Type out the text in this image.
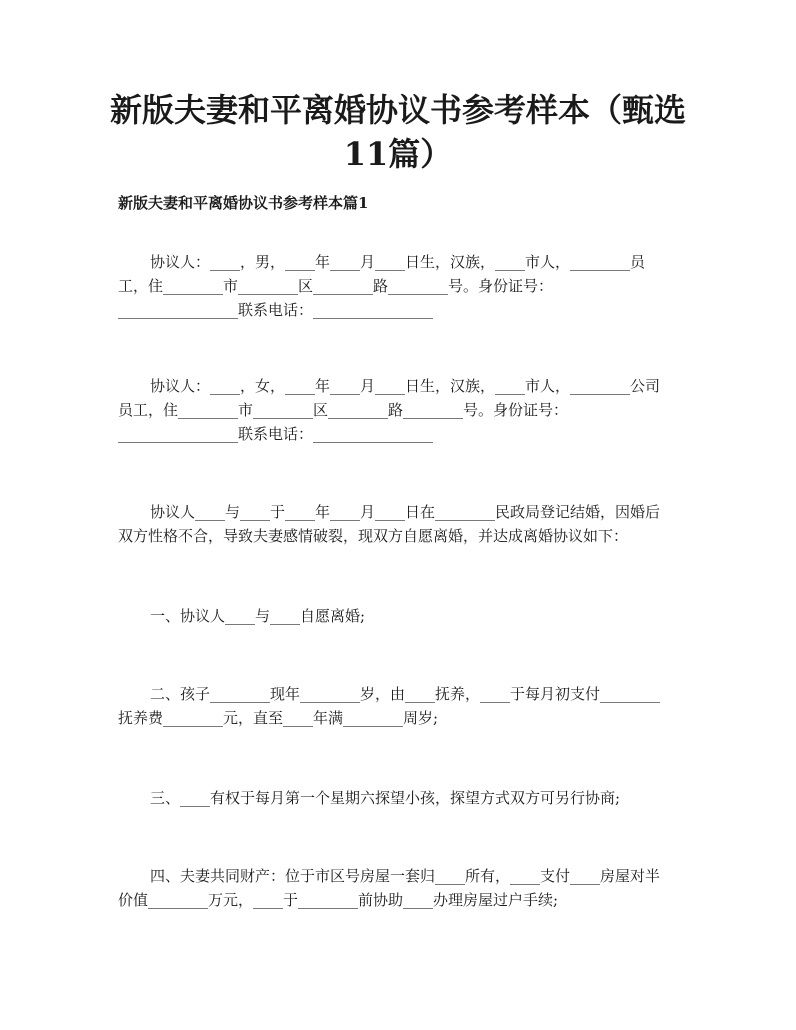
新版夫妻和平离婚协议书参考样本（甄选11篇）
新版夫妻和平离婚协议书参考样本篇1

协议人：____，男，____年____月____日生，汉族，____市人，________员
工，住________市________区________路________号。身份证号：
________________联系电话：________________

协议人：____，女，____年____月____日生，汉族，____市人，________公司
员工，住________市________区________路________号。身份证号：
________________联系电话：________________

协议人____与____于____年____月____日在________民政局登记结婚，因婚后
双方性格不合，导致夫妻感情破裂，现双方自愿离婚，并达成离婚协议如下：

一、协议人____与____自愿离婚;

二、孩子________现年________岁，由____抚养，____于每月初支付________
抚养费________元，直至____年满________周岁;

三、____有权于每月第一个星期六探望小孩，探望方式双方可另行协商;

四、夫妻共同财产：位于市区号房屋一套归____所有，____支付____房屋对半
价值________万元，____于________前协助____办理房屋过户手续;
